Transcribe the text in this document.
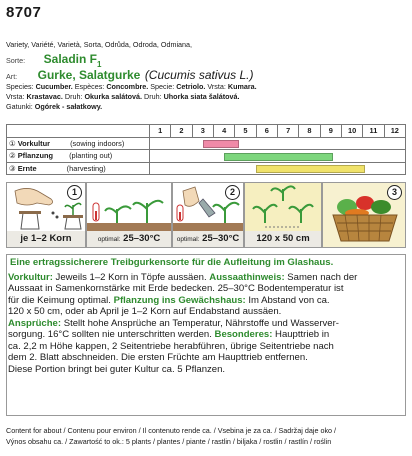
8707
Variety, Variété, Varietà, Sorta, Odrůda, Odroda, Odmiana,
Sorte: Saladin $F_1$
Art: Gurke, Salatgurke (Cucumis sativus L.)
Species: Cucumber. Espèces: Concombre. Specie: Cetriolo. Vrsta: Kumara.
Vrsta: Krastavac. Druh: Okurka salátová. Druh: Uhorka siata šalátová.
Gatunki: Ogórek - sałatkowy.
	1	2	3	4	5	6	7	8	9	10	11	12
① Vorkultur (sowing indoors)												

② Pflanzung (planting out)												

③ Ernte (harvesting)												
1
je 1–2 Korn	optimal: 25–30°C
2
optimal: 25–30°C	120 x 50 cm
3
Eine ertragssicherere Treibgurkensorte für die Aufleitung im Glashaus.

Vorkultur: Jeweils 1–2 Korn in Töpfe aussäen. Aussaathinweis: Samen nach der

Aussaat in Samenkornstärke mit Erde bedecken. 25–30°C Bodentemperatur ist

für die Keimung optimal. Pflanzung ins Gewächshaus: Im Abstand von ca.

120 x 50 cm, oder ab April je 1–2 Korn auf Endabstand aussäen.

Ansprüche: Stellt hohe Ansprüche an Temperatur, Nährstoffe und Wasserver-

sorgung. 16°C sollten nie unterschritten werden. Besonderes: Haupttrieb in

ca. 2,2 m Höhe kappen, 2 Seitentriebe herabführen, übrige Seitentriebe nach

dem 2. Blatt abschneiden. Die ersten Früchte am Haupttrieb entfernen.

Diese Portion bringt bei guter Kultur ca. 5 Pflanzen.

Content for about / Contenu pour environ / Il contenuto rende ca. / Vsebina je za ca. / Sadržaj daje oko /
Výnos obsahu ca. / Zawartość to ok.: 5 plants / plantes / piante / rastlin / biljaka / rostlin / rastlín / roślin
